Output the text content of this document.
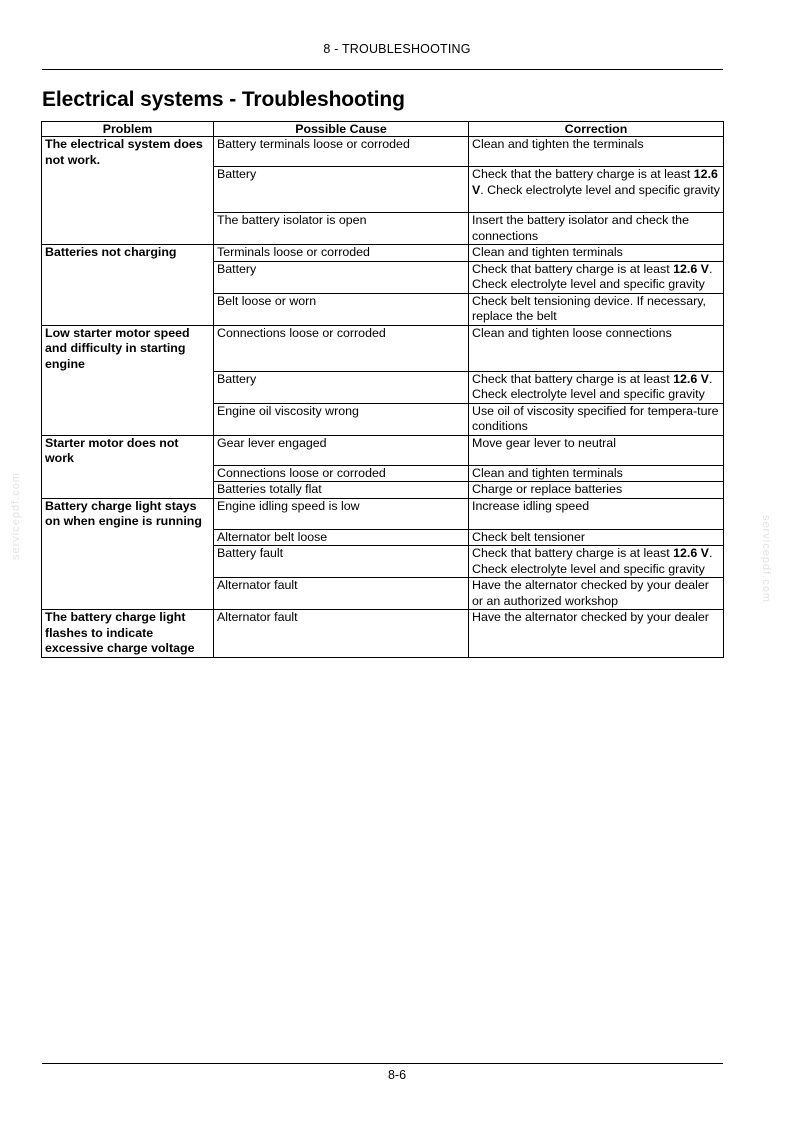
8 - TROUBLESHOOTING
Electrical systems - Troubleshooting
Problem	Possible Cause	Correction
The electrical system does not work.	Battery terminals loose or corroded	Clean and tighten the terminals
	Battery	Check that the battery charge is at least 12.6 V. Check electrolyte level and specific gravity
	The battery isolator is open	Insert the battery isolator and check the connections
Batteries not charging	Terminals loose or corroded	Clean and tighten terminals
	Battery	Check that battery charge is at least 12.6 V. Check electrolyte level and specific gravity
	Belt loose or worn	Check belt tensioning device. If necessary, replace the belt
Low starter motor speed and difficulty in starting engine	Connections loose or corroded	Clean and tighten loose connections
	Battery	Check that battery charge is at least 12.6 V. Check electrolyte level and specific gravity
	Engine oil viscosity wrong	Use oil of viscosity specified for tempera-ture conditions
Starter motor does not work	Gear lever engaged	Move gear lever to neutral
	Connections loose or corroded	Clean and tighten terminals
	Batteries totally flat	Charge or replace batteries
Battery charge light stays on when engine is running	Engine idling speed is low	Increase idling speed
	Alternator belt loose	Check belt tensioner
	Battery fault	Check that battery charge is at least 12.6 V. Check electrolyte level and specific gravity
	Alternator fault	Have the alternator checked by your dealer or an authorized workshop
The battery charge light flashes to indicate excessive charge voltage	Alternator fault	Have the alternator checked by your dealer
8-6
servicepdf.com	servicepdf.com
